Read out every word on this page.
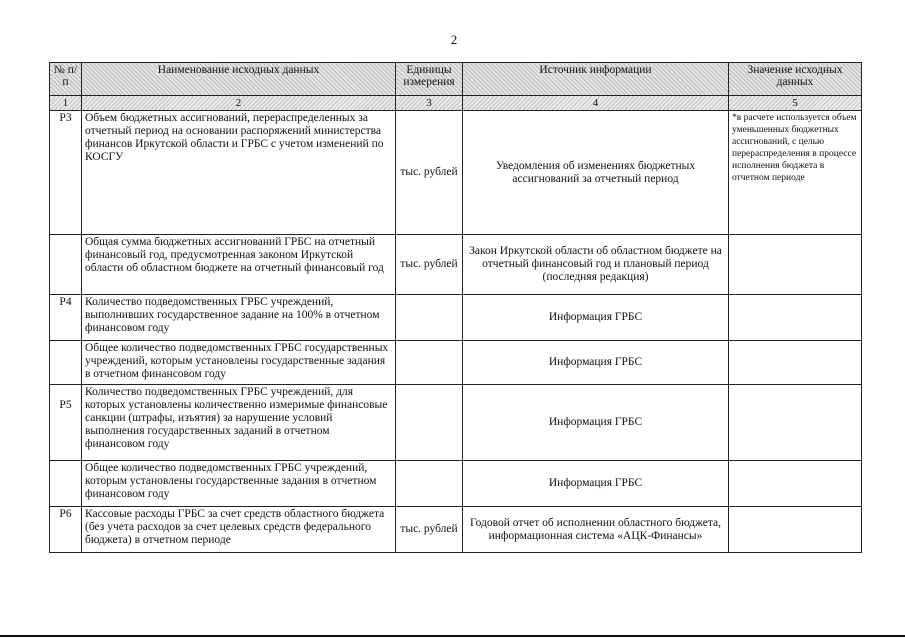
2
№ п/п	Наименование исходных данных	Единицы измерения	Источник информации	Значение исходных данных
1	2	3	4	5
Р3	Объем бюджетных ассигнований, перераспределенных за отчетный период на основании распоряжений министерства финансов Иркутской области и ГРБС с учетом изменений по КОСГУ	тыс. рублей	Уведомления об изменениях бюджетных ассигнований за отчетный период	*в расчете используется объем уменьшенных бюджетных ассигнований, с целью перераспределения в процессе исполнения бюджета в отчетном периоде
	Общая сумма бюджетных ассигнований ГРБС на отчетный финансовый год, предусмотренная законом Иркутской области об областном бюджете на отчетный финансовый год	тыс. рублей	Закон Иркутской области об областном бюджете на отчетный финансовый год и плановый период (последняя редакция)	
Р4	Количество подведомственных ГРБС учреждений, выполнивших государственное задание на 100% в отчетном финансовом году		Информация ГРБС	
	Общее количество подведомственных ГРБС государственных учреждений, которым установлены государственные задания в отчетном финансовом году		Информация ГРБС	
Р5	Количество подведомственных ГРБС учреждений, для которых установлены количественно измеримые финансовые санкции (штрафы, изъятия) за нарушение условий выполнения государственных заданий в отчетном финансовом году		Информация ГРБС	
	Общее количество подведомственных ГРБС учреждений, которым установлены государственные задания в отчетном финансовом году		Информация ГРБС	
Р6	Кассовые расходы ГРБС за счет средств областного бюджета (без учета расходов за счет целевых средств федерального бюджета) в отчетном периоде	тыс. рублей	Годовой отчет об исполнении областного бюджета, информационная система «АЦК-Финансы»	
